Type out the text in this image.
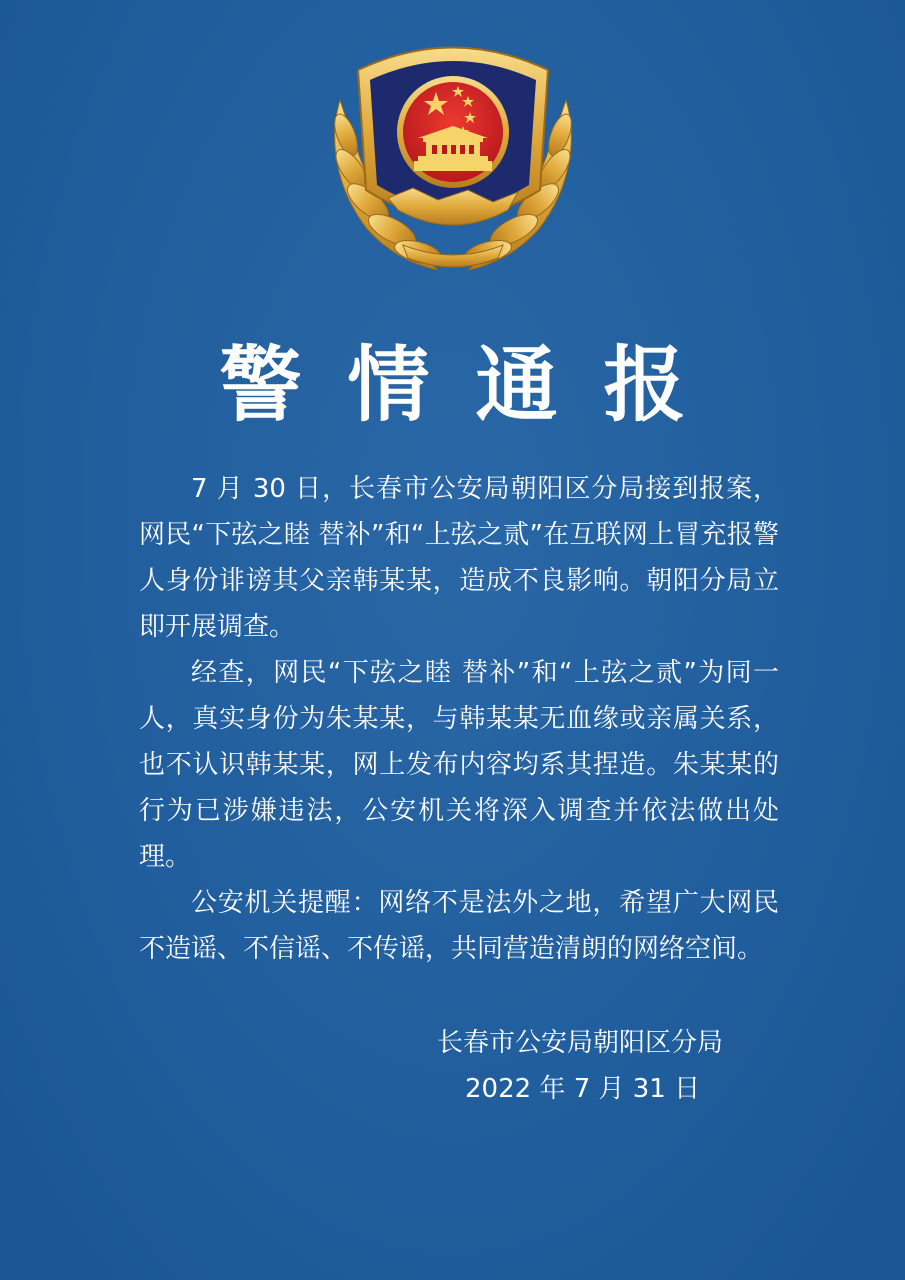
警情通报

7 月 30 日，长春市公安局朝阳区分局接到报案，网民“下弦之睦 替补”和“上弦之贰”在互联网上冒充报警人身份诽谤其父亲韩某某，造成不良影响。朝阳分局立即开展调查。

经查，网民“下弦之睦 替补”和“上弦之贰”为同一人，真实身份为朱某某，与韩某某无血缘或亲属关系， 也不认识韩某某，网上发布内容均系其捏造。朱某某的行为已涉嫌违法，公安机关将深入调查并依法做出处理。

公安机关提醒：网络不是法外之地，希望广大网民不造谣、不信谣、不传谣，共同营造清朗的网络空间。

长春市公安局朝阳区分局
2022 年 7 月 31 日
